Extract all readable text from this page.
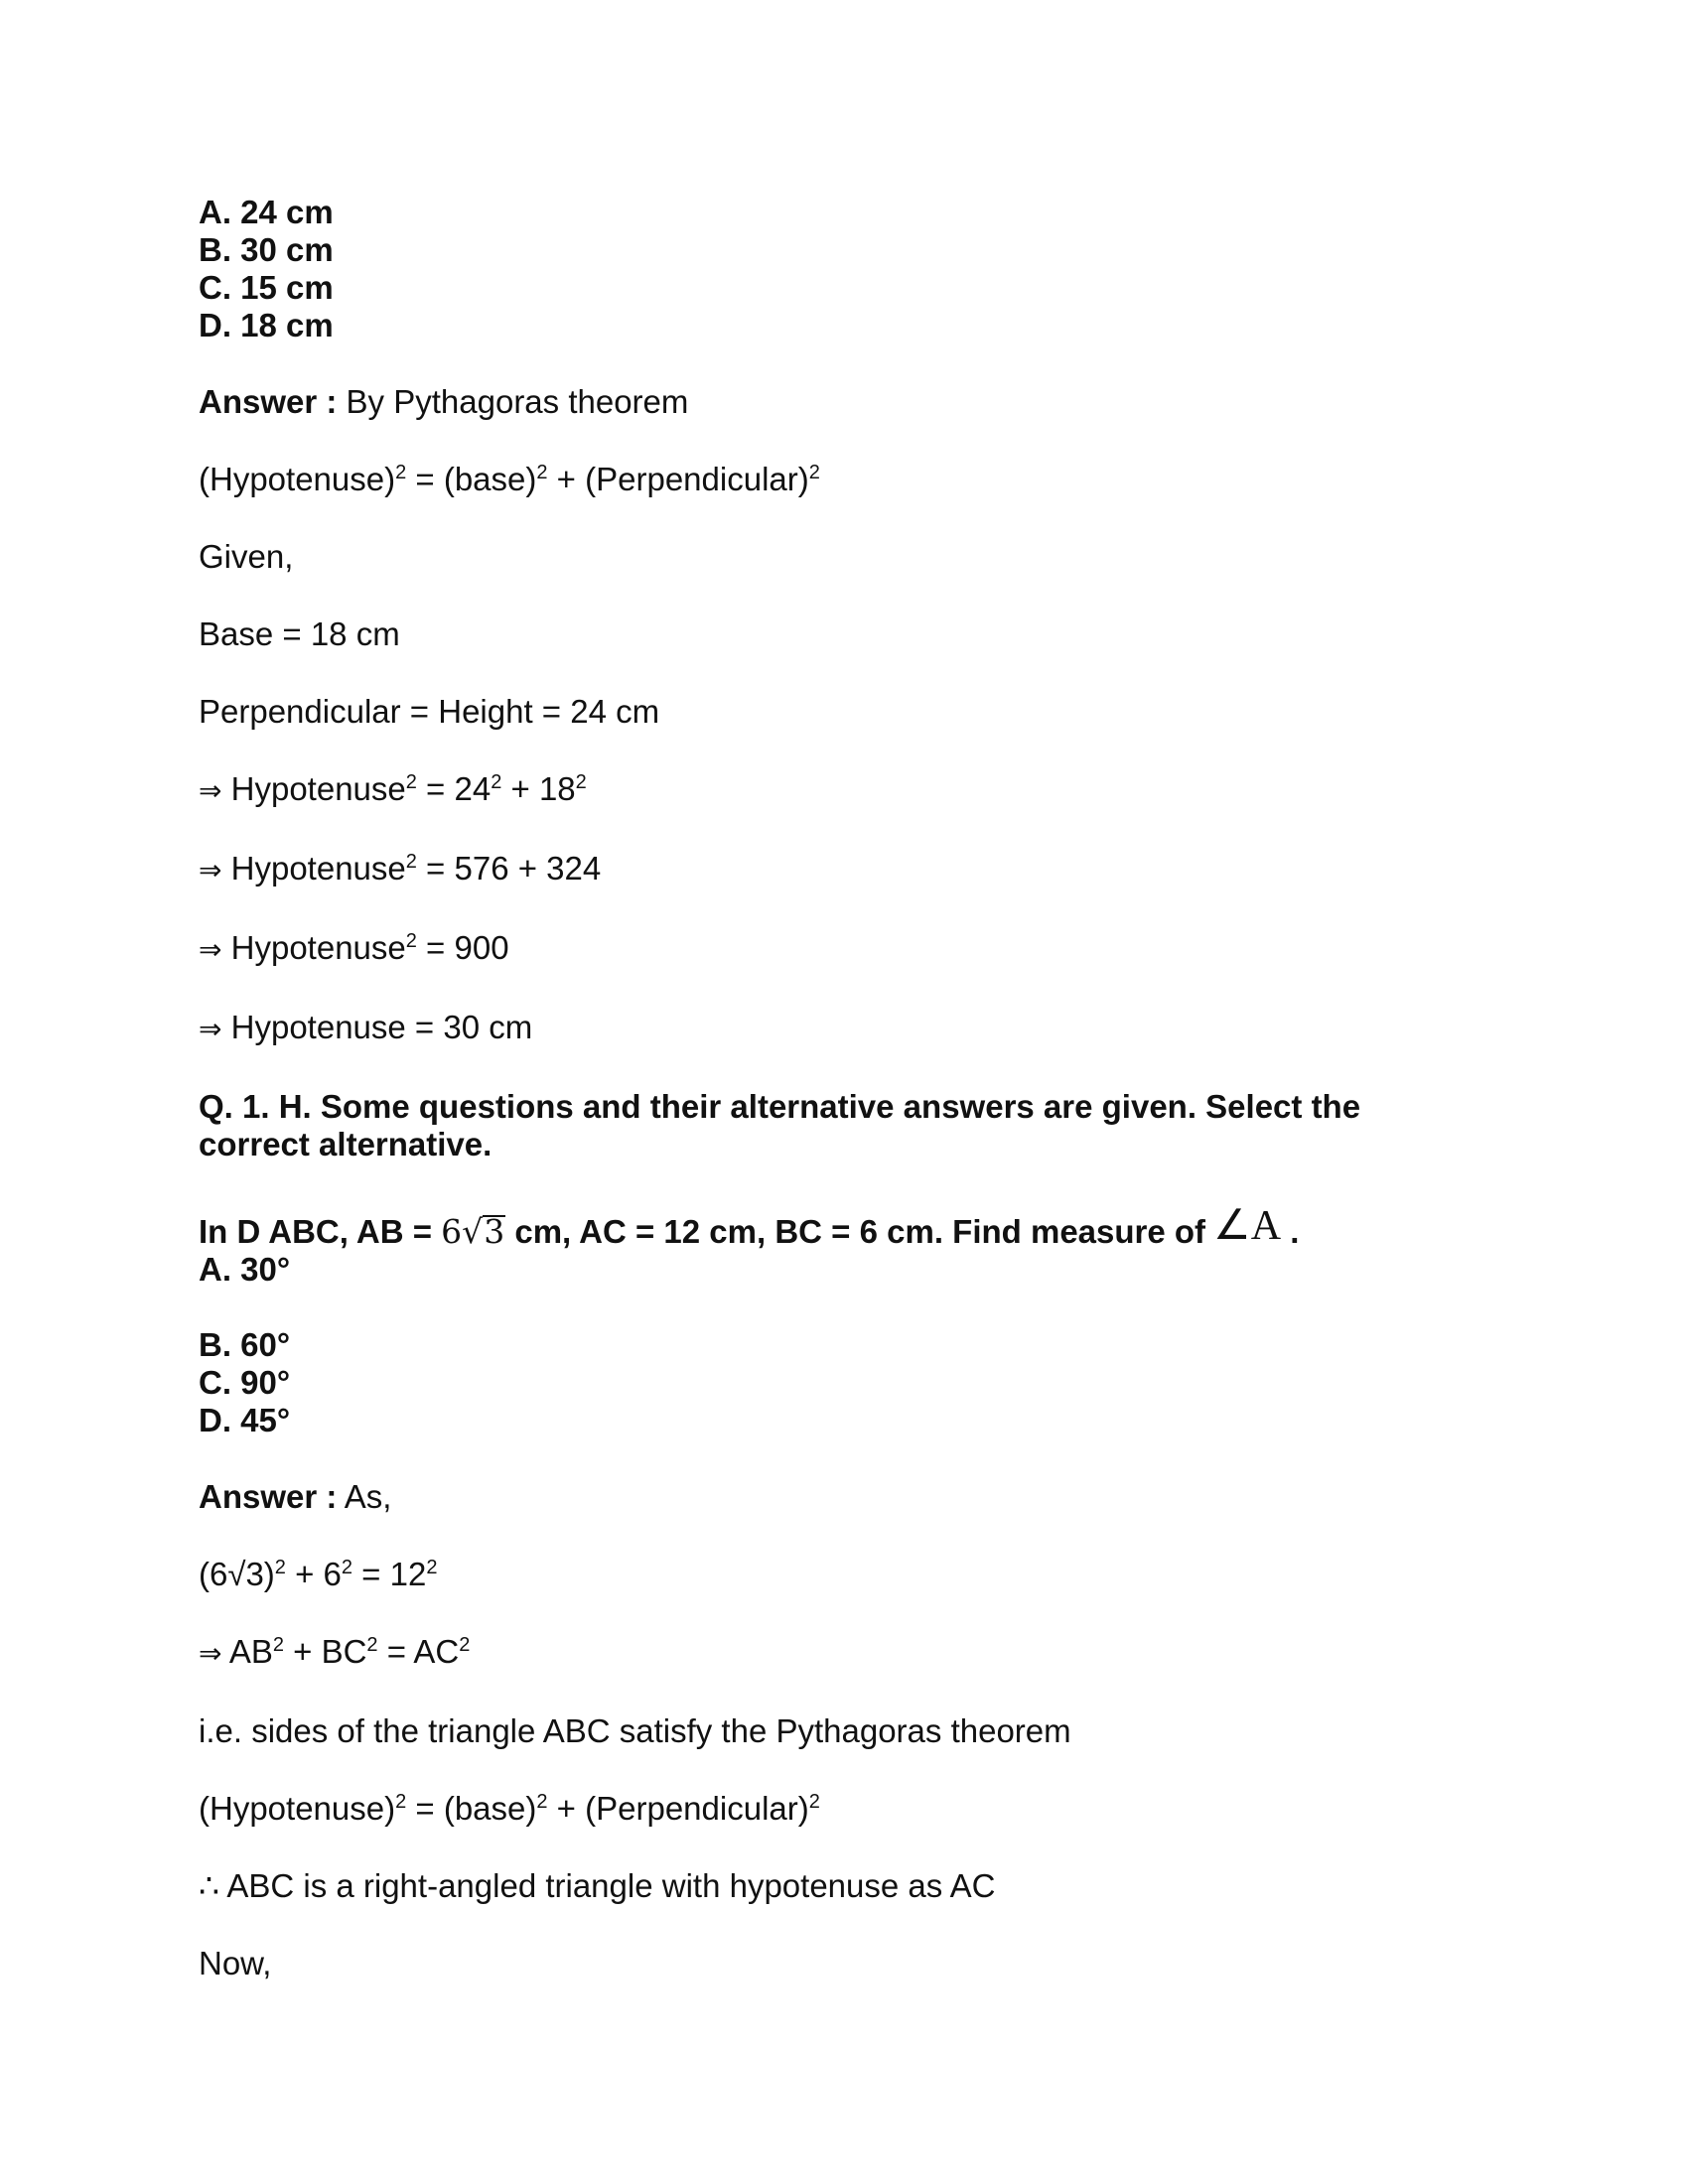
A. 24 cm
B. 30 cm
C. 15 cm
D. 18 cm
Answer : By Pythagoras theorem
(Hypotenuse)$^2$ = (base)$^2$ + (Perpendicular)$^2$
Given,
Base = 18 cm
Perpendicular = Height = 24 cm
⇒ Hypotenuse$^2$ = $24^2 + 18^2$
⇒ Hypotenuse$^2$ = 576 + 324
⇒ Hypotenuse$^2$ = 900
⇒ Hypotenuse = 30 cm
Q. 1. H. Some questions and their alternative answers are given. Select the
correct alternative.
In D ABC, AB = 6√3 cm, AC = 12 cm, BC = 6 cm. Find measure of ∠A .
A. 30°
B. 60°
C. 90°
D. 45°
Answer : As,
$(6√3)^2 + 6^2 = 12^2$
⇒ $AB^2 + BC^2 = AC^2$
i.e. sides of the triangle ABC satisfy the Pythagoras theorem
(Hypotenuse)$^2$ = (base)$^2$ + (Perpendicular)$^2$
∴ ABC is a right-angled triangle with hypotenuse as AC
Now,
